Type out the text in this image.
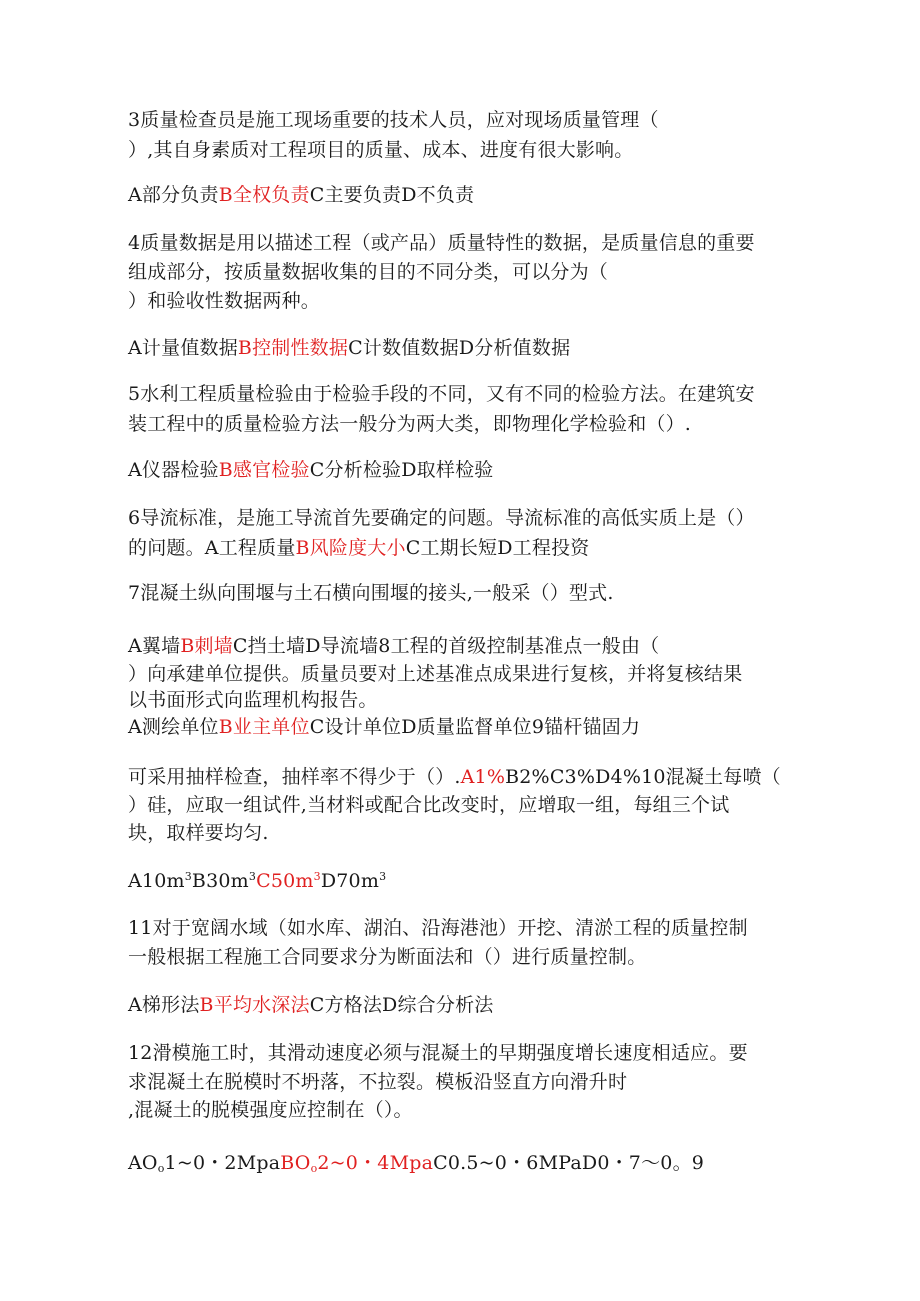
3质量检查员是施工现场重要的技术人员，应对现场质量管理（
）,其自身素质对工程项目的质量、成本、进度有很大影响。
A部分负责B全权负责C主要负责D不负责
4质量数据是用以描述工程（或产品）质量特性的数据，是质量信息的重要
组成部分，按质量数据收集的目的不同分类，可以分为（
）和验收性数据两种。
A计量值数据B控制性数据C计数值数据D分析值数据
5水利工程质量检验由于检验手段的不同，又有不同的检验方法。在建筑安
装工程中的质量检验方法一般分为两大类，即物理化学检验和（）.
A仪器检验B感官检验C分析检验D取样检验
6导流标准，是施工导流首先要确定的问题。导流标准的高低实质上是（）
的问题。A工程质量B风险度大小C工期长短D工程投资
7混凝土纵向围堰与土石横向围堰的接头,一般采（）型式.
A翼墙B刺墙C挡土墙D导流墙8工程的首级控制基准点一般由（
）向承建单位提供。质量员要对上述基准点成果进行复核，并将复核结果
以书面形式向监理机构报告。
A测绘单位B业主单位C设计单位D质量监督单位9锚杆锚固力
可采用抽样检查，抽样率不得少于（）.A1%B2%C3%D4%10混凝土每喷（
）硅，应取一组试件,当材料或配合比改变时，应增取一组，每组三个试
块，取样要均匀.
$A10m^3B30m^3C50m^3D70m^3$
11对于宽阔水域（如水库、湖泊、沿海港池）开挖、清淤工程的质量控制
一般根据工程施工合同要求分为断面法和（）进行质量控制。
A梯形法B平均水深法C方格法D综合分析法
12滑模施工时，其滑动速度必须与混凝土的早期强度增长速度相适应。要
求混凝土在脱模时不坍落，不拉裂。模板沿竖直方向滑升时
,混凝土的脱模强度应控制在（）。
$AO_o1\sim 0$・2MpaBO$_o$2~0・4MpaC0.5~0・6MPaD0・7〜0。9
